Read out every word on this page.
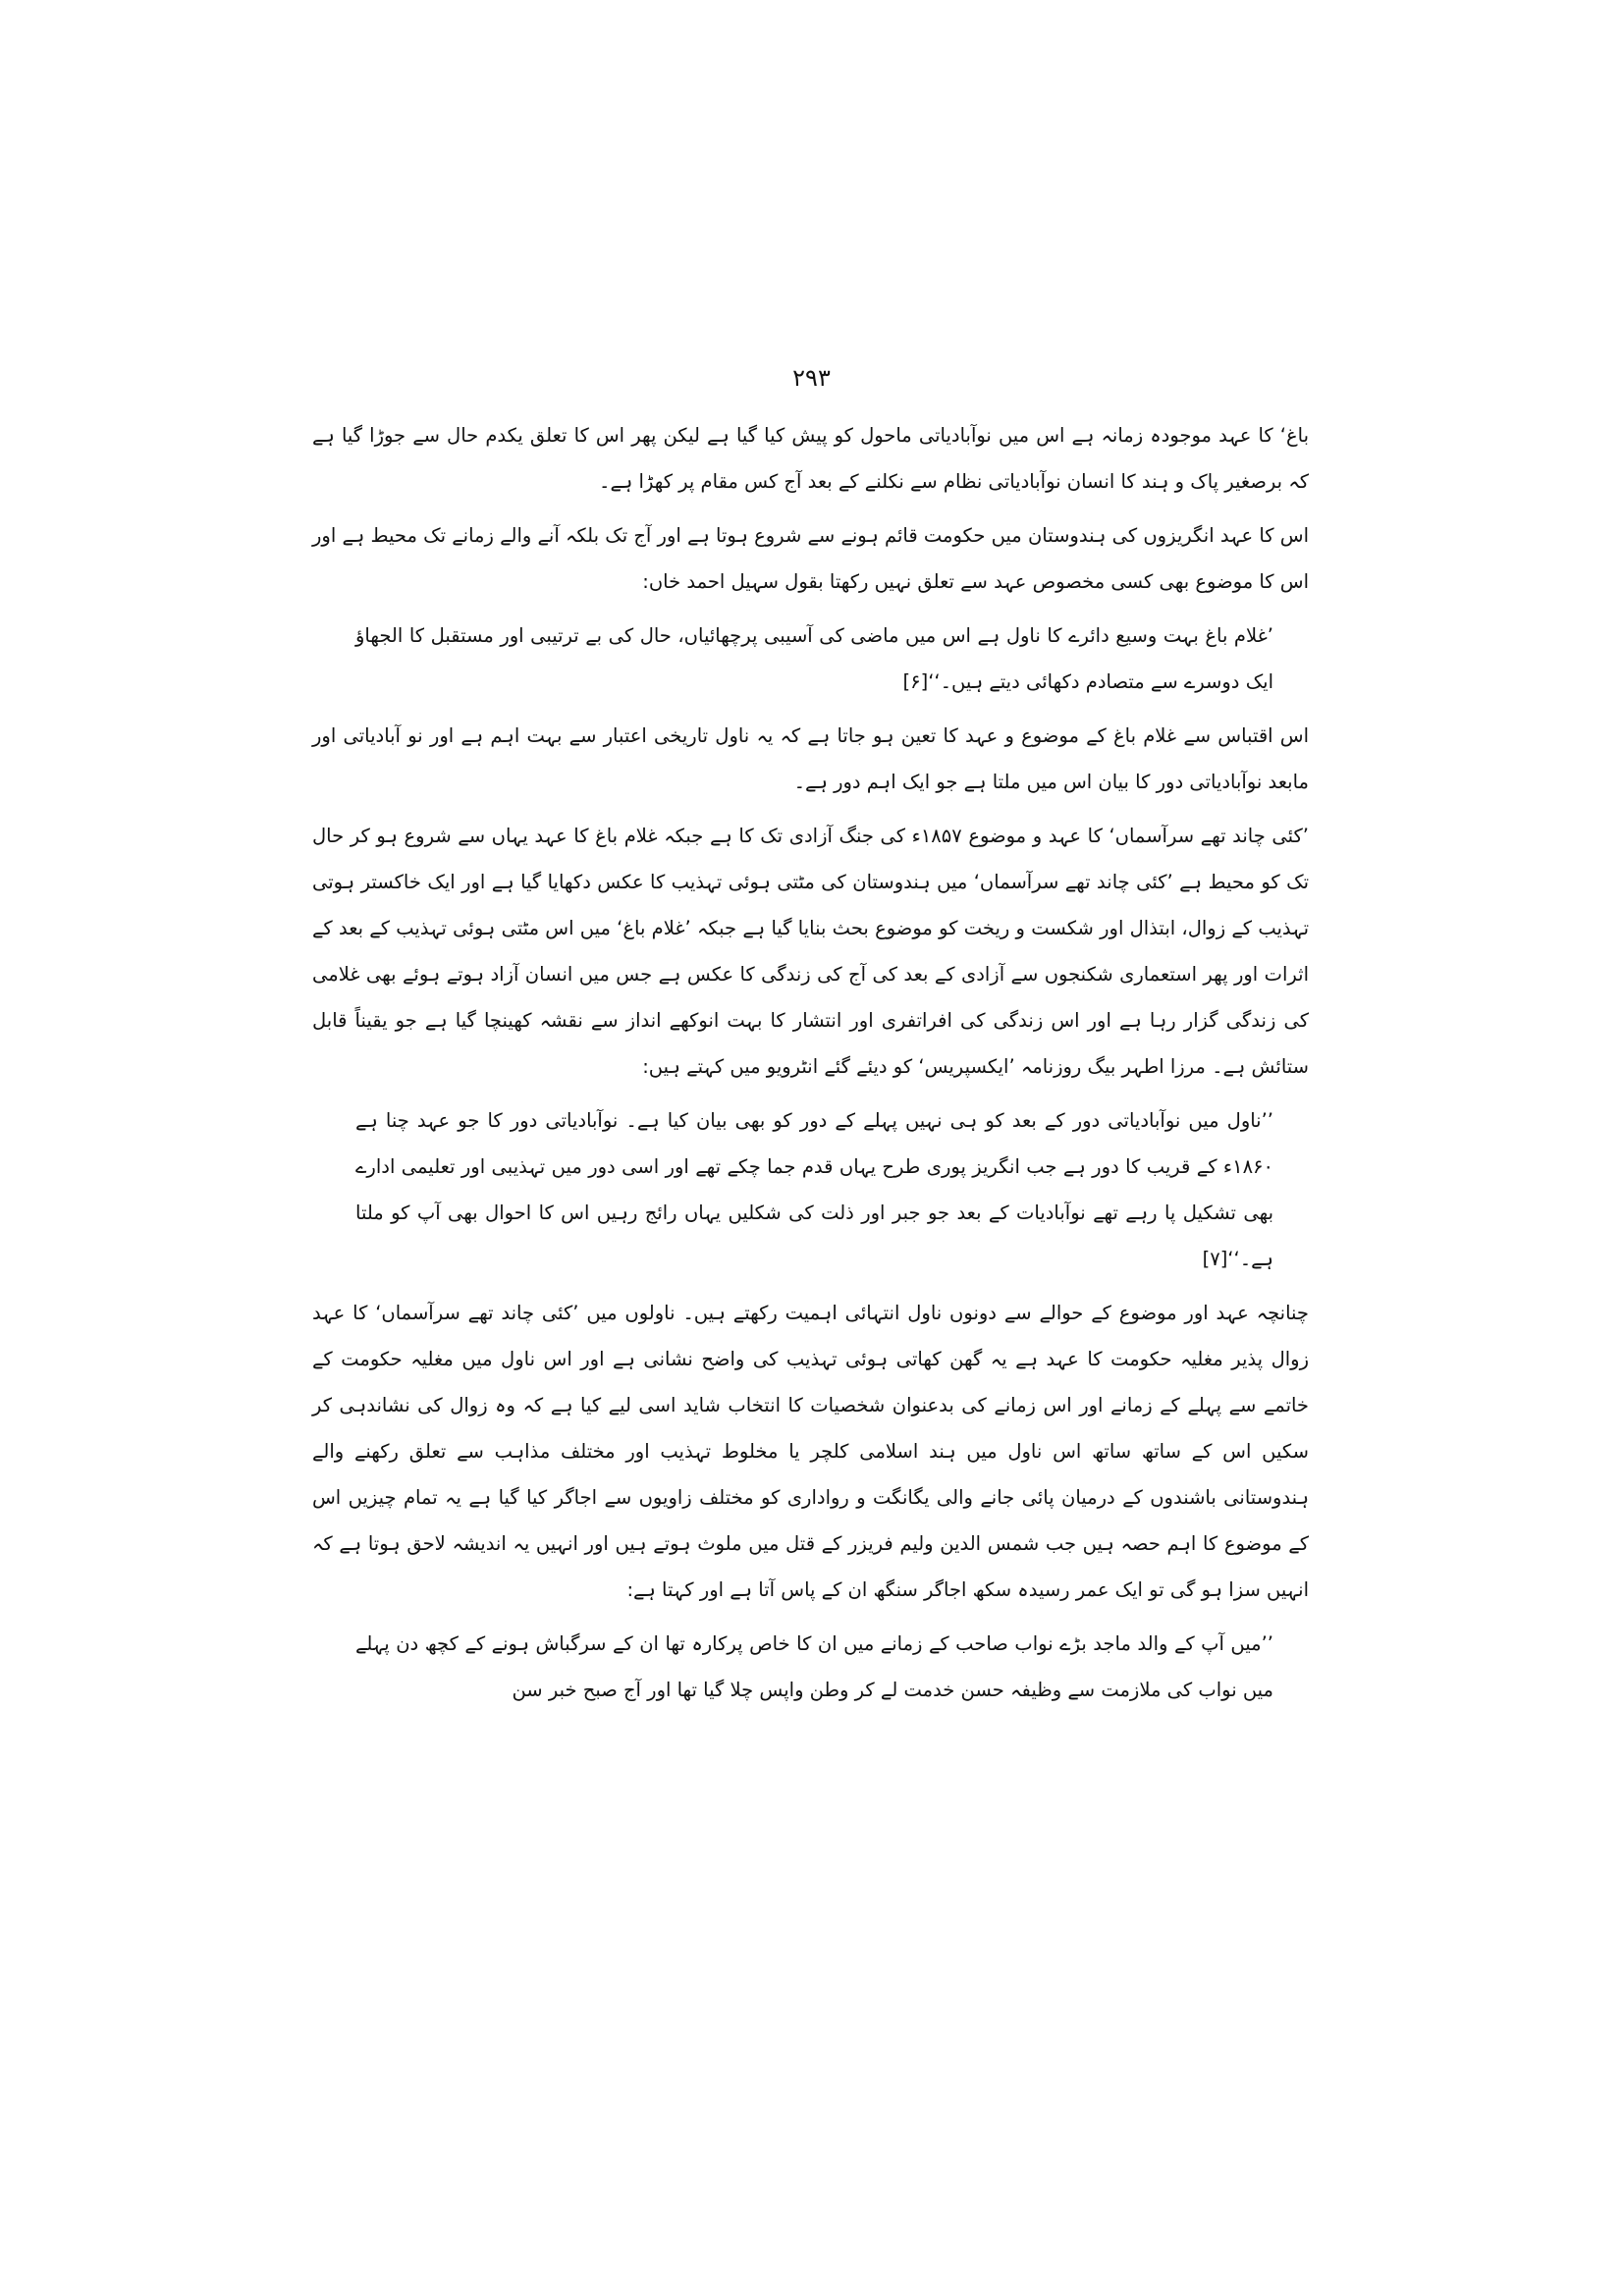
۲۹۳

باغ‘ کا عہد موجودہ زمانہ ہے اس میں نوآبادیاتی ماحول کو پیش کیا گیا ہے لیکن پھر اس کا تعلق یکدم حال سے جوڑا گیا ہے کہ برصغیر پاک و ہند کا انسان نوآبادیاتی نظام سے نکلنے کے بعد آج کس مقام پر کھڑا ہے۔

اس کا عہد انگریزوں کی ہندوستان میں حکومت قائم ہونے سے شروع ہوتا ہے اور آج تک بلکہ آنے والے زمانے تک محیط ہے اور اس کا موضوع بھی کسی مخصوص عہد سے تعلق نہیں رکھتا بقول سہیل احمد خاں:

’غلام باغ بہت وسیع دائرے کا ناول ہے اس میں ماضی کی آسیبی پرچھائیاں، حال کی بے ترتیبی اور مستقبل کا الجھاؤ ایک دوسرے سے متصادم دکھائی دیتے ہیں۔‘‘[۶]

اس اقتباس سے غلام باغ کے موضوع و عہد کا تعین ہو جاتا ہے کہ یہ ناول تاریخی اعتبار سے بہت اہم ہے اور نو آبادیاتی اور مابعد نوآبادیاتی دور کا بیان اس میں ملتا ہے جو ایک اہم دور ہے۔

’کئی چاند تھے سرآسماں‘ کا عہد و موضوع ۱۸۵۷ء کی جنگ آزادی تک کا ہے جبکہ غلام باغ کا عہد یہاں سے شروع ہو کر حال تک کو محیط ہے ’کئی چاند تھے سرآسماں‘ میں ہندوستان کی مٹتی ہوئی تہذیب کا عکس دکھایا گیا ہے اور ایک خاکستر ہوتی تہذیب کے زوال، ابتذال اور شکست و ریخت کو موضوع بحث بنایا گیا ہے جبکہ ’غلام باغ‘ میں اس مٹتی ہوئی تہذیب کے بعد کے اثرات اور پھر استعماری شکنجوں سے آزادی کے بعد کی آج کی زندگی کا عکس ہے جس میں انسان آزاد ہوتے ہوئے بھی غلامی کی زندگی گزار رہا ہے اور اس زندگی کی افراتفری اور انتشار کا بہت انوکھے انداز سے نقشہ کھینچا گیا ہے جو یقیناً قابل ستائش ہے۔ مرزا اطہر بیگ روزنامہ ’ایکسپریس‘ کو دیئے گئے انٹرویو میں کہتے ہیں:

’’ناول میں نوآبادیاتی دور کے بعد کو ہی نہیں پہلے کے دور کو بھی بیان کیا ہے۔ نوآبادیاتی دور کا جو عہد چنا ہے ۱۸۶۰ء کے قریب کا دور ہے جب انگریز پوری طرح یہاں قدم جما چکے تھے اور اسی دور میں تہذیبی اور تعلیمی ادارے بھی تشکیل پا رہے تھے نوآبادیات کے بعد جو جبر اور ذلت کی شکلیں یہاں رائج رہیں اس کا احوال بھی آپ کو ملتا ہے۔‘‘[۷]

چنانچہ عہد اور موضوع کے حوالے سے دونوں ناول انتہائی اہمیت رکھتے ہیں۔ ناولوں میں ’کئی چاند تھے سرآسماں‘ کا عہد زوال پذیر مغلیہ حکومت کا عہد ہے یہ گھن کھاتی ہوئی تہذیب کی واضح نشانی ہے اور اس ناول میں مغلیہ حکومت کے خاتمے سے پہلے کے زمانے اور اس زمانے کی بدعنوان شخصیات کا انتخاب شاید اسی لیے کیا ہے کہ وہ زوال کی نشاندہی کر سکیں اس کے ساتھ ساتھ اس ناول میں ہند اسلامی کلچر یا مخلوط تہذیب اور مختلف مذاہب سے تعلق رکھنے والے ہندوستانی باشندوں کے درمیان پائی جانے والی یگانگت و رواداری کو مختلف زاویوں سے اجاگر کیا گیا ہے یہ تمام چیزیں اس کے موضوع کا اہم حصہ ہیں جب شمس الدین ولیم فریزر کے قتل میں ملوث ہوتے ہیں اور انہیں یہ اندیشہ لاحق ہوتا ہے کہ انہیں سزا ہو گی تو ایک عمر رسیدہ سکھ اجاگر سنگھ ان کے پاس آتا ہے اور کہتا ہے:

’’میں آپ کے والد ماجد بڑے نواب صاحب کے زمانے میں ان کا خاص پرکارہ تھا ان کے سرگباش ہونے کے کچھ دن پہلے میں نواب کی ملازمت سے وظیفہ حسن خدمت لے کر وطن واپس چلا گیا تھا اور آج صبح خبر سن
